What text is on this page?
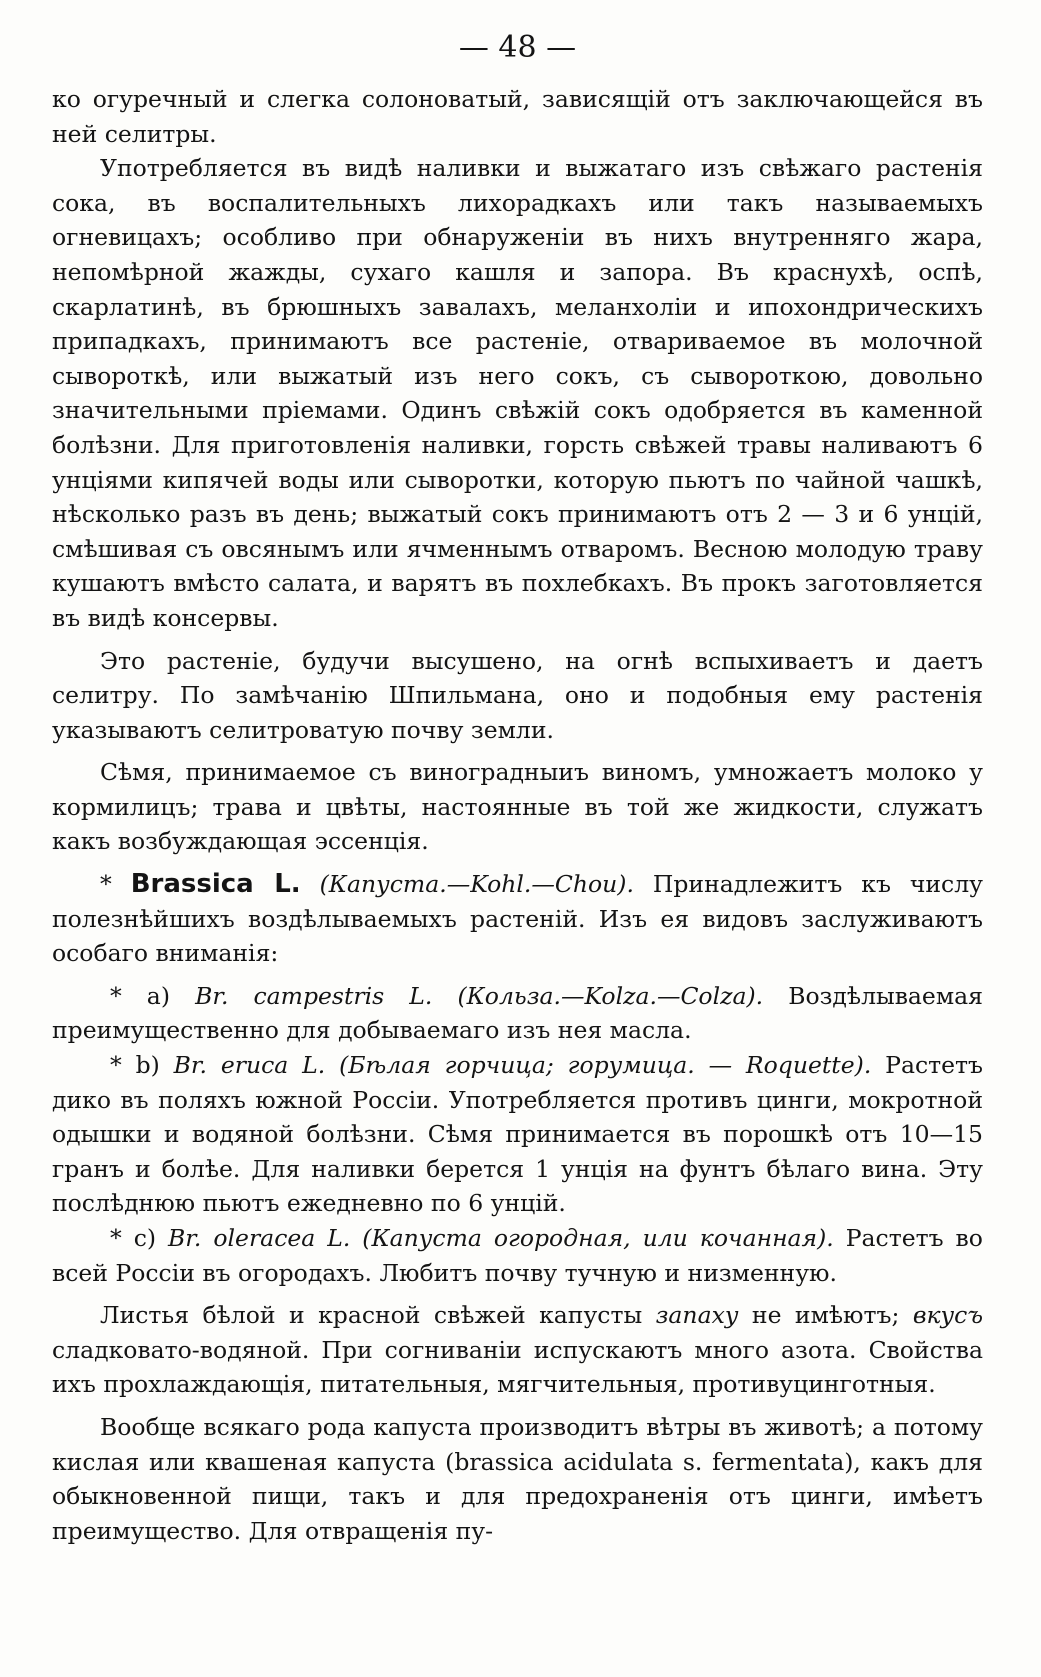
— 48 —

ко огуречный и слегка солоноватый, зависящій отъ заключающейся въ ней селитры.

Употребляется въ видѣ наливки и выжатаго изъ свѣжаго растенія сока, въ воспалительныхъ лихорадкахъ или такъ называемыхъ огневицахъ; особливо при обнаруженіи въ нихъ внутренняго жара, непомѣрной жажды, сухаго кашля и запора. Въ краснухѣ, оспѣ, скарлатинѣ, въ брюшныхъ завалахъ, меланхоліи и ипохондрическихъ припадкахъ, принимаютъ все растеніе, отвариваемое въ молочной сывороткѣ, или выжатый изъ него сокъ, съ сывороткою, довольно значительными пріемами. Одинъ свѣжій сокъ одобряется въ каменной болѣзни. Для приготовленія наливки, горсть свѣжей травы наливаютъ 6 унціями кипячей воды или сыворотки, которую пьютъ по чайной чашкѣ, нѣсколько разъ въ день; выжатый сокъ принимаютъ отъ 2 — 3 и 6 унцій, смѣшивая съ овсянымъ или ячменнымъ отваромъ. Весною молодую траву кушаютъ вмѣсто салата, и варятъ въ похлебкахъ. Въ прокъ заготовляется въ видѣ консервы.

Это растеніе, будучи высушено, на огнѣ вспыхиваетъ и даетъ селитру. По замѣчанію Шпильмана, оно и подобныя ему растенія указываютъ селитроватую почву земли.

Сѣмя, принимаемое съ виноградныиъ виномъ, умножаетъ молоко у кормилицъ; трава и цвѣты, настоянные въ той же жидкости, служатъ какъ возбуждающая эссенція.

* Brassica L. (Капуста.—Kohl.—Chou). Принадлежитъ къ числу полезнѣйшихъ воздѣлываемыхъ растеній. Изъ ея видовъ заслуживаютъ особаго вниманія:

* a) Br. campestris L. (Кольза.—Kolza.—Colza). Воздѣлываемая преимущественно для добываемаго изъ нея масла.

* b) Br. eruca L. (Бѣлая горчица; горумица. — Roquette). Растетъ дико въ поляхъ южной Россіи. Употребляется противъ цинги, мокротной одышки и водяной болѣзни. Сѣмя принимается въ порошкѣ отъ 10—15 гранъ и болѣе. Для наливки берется 1 унція на фунтъ бѣлаго вина. Эту послѣднюю пьютъ ежедневно по 6 унцій.

* c) Br. oleracea L. (Капуста огородная, или кочанная). Растетъ во всей Россіи въ огородахъ. Любитъ почву тучную и низменную.

Листья бѣлой и красной свѣжей капусты запаху не имѣютъ; вкусъ сладковато-водяной. При согниваніи испускаютъ много азота. Свойства ихъ прохлаждающія, питательныя, мягчительныя, противуцинготныя.

Вообще всякаго рода капуста производитъ вѣтры въ животѣ; а потому кислая или квашеная капуста (brassica acidulata s. fermentata), какъ для обыкновенной пищи, такъ и для предохраненія отъ цинги, имѣетъ преимущество. Для отвращенія пу-
